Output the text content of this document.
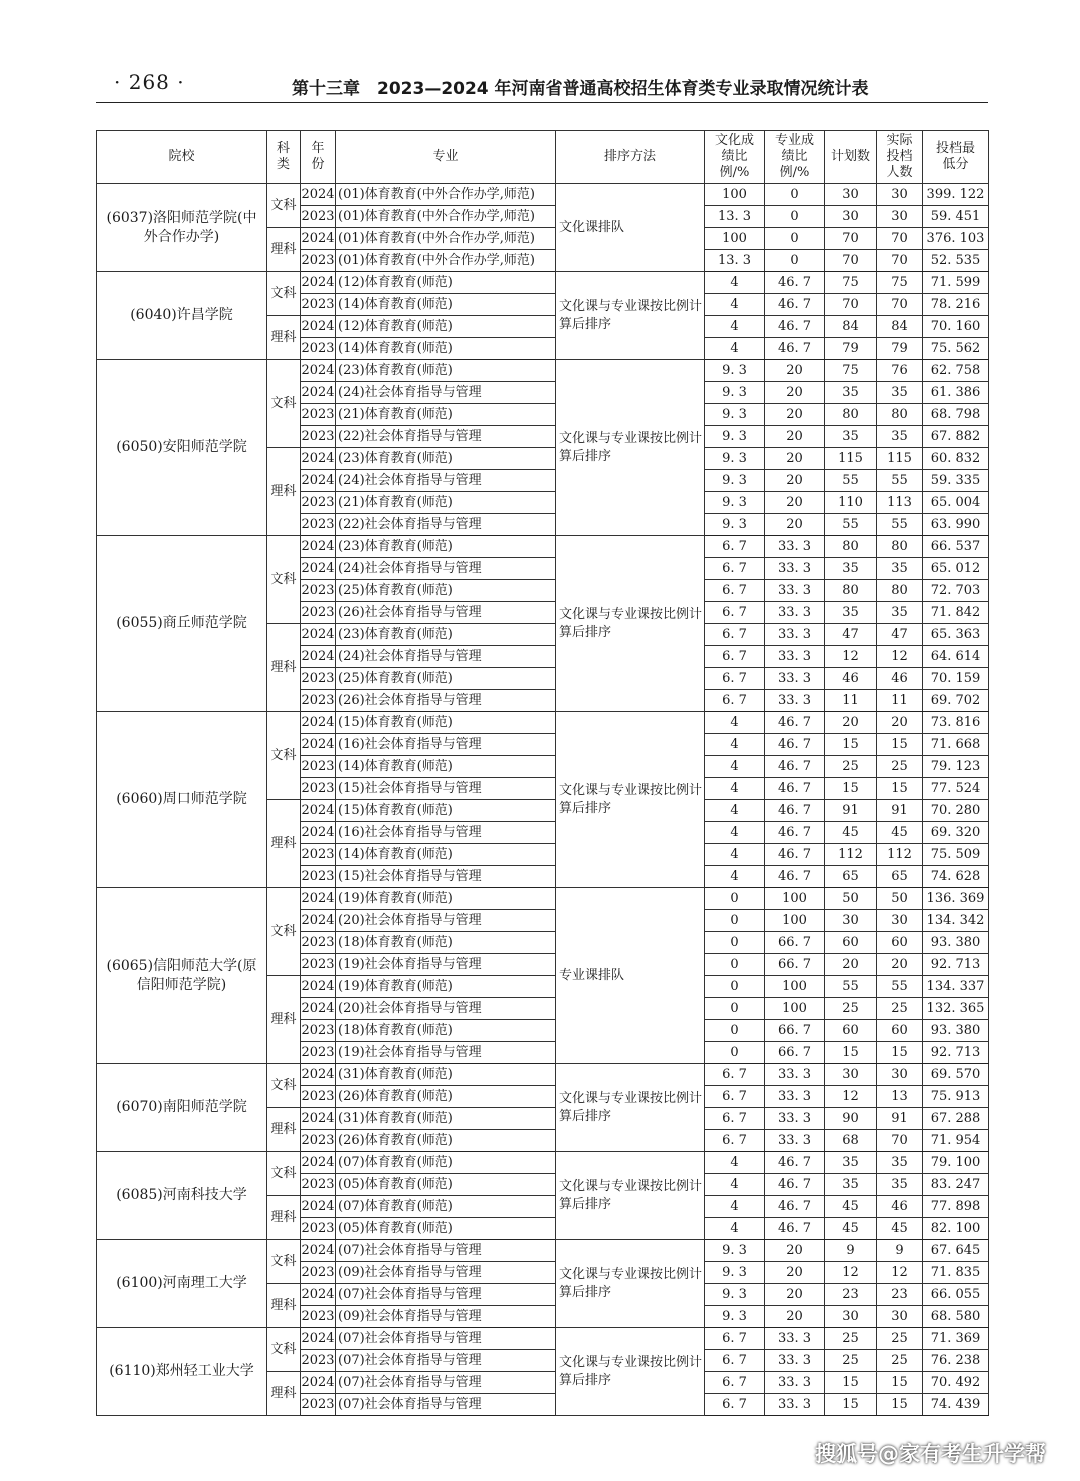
· 268 ·	第十三章　2023—2024 年河南省普通高校招生体育类专业录取情况统计表
院校	科类	年份	专业	排序方法	文化成绩比例/%	专业成绩比例/%	计划数	实际投档人数	投档最低分
(6037)洛阳师范学院(中外合作办学)	文科	2024	(01)体育教育(中外合作办学,师范)	文化课排队	100	0	30	30	399. 122
		2023	(01)体育教育(中外合作办学,师范)		13. 3	0	30	30	59. 451
	理科	2024	(01)体育教育(中外合作办学,师范)		100	0	70	70	376. 103
		2023	(01)体育教育(中外合作办学,师范)		13. 3	0	70	70	52. 535
(6040)许昌学院	文科	2024	(12)体育教育(师范)	文化课与专业课按比例计算后排序	4	46. 7	75	75	71. 599
		2023	(14)体育教育(师范)		4	46. 7	70	70	78. 216
	理科	2024	(12)体育教育(师范)		4	46. 7	84	84	70. 160
		2023	(14)体育教育(师范)		4	46. 7	79	79	75. 562
(6050)安阳师范学院	文科	2024	(23)体育教育(师范)	文化课与专业课按比例计算后排序	9. 3	20	75	76	62. 758
		2024	(24)社会体育指导与管理		9. 3	20	35	35	61. 386
		2023	(21)体育教育(师范)		9. 3	20	80	80	68. 798
		2023	(22)社会体育指导与管理		9. 3	20	35	35	67. 882
	理科	2024	(23)体育教育(师范)		9. 3	20	115	115	60. 832
		2024	(24)社会体育指导与管理		9. 3	20	55	55	59. 335
		2023	(21)体育教育(师范)		9. 3	20	110	113	65. 004
		2023	(22)社会体育指导与管理		9. 3	20	55	55	63. 990
(6055)商丘师范学院	文科	2024	(23)体育教育(师范)	文化课与专业课按比例计算后排序	6. 7	33. 3	80	80	66. 537
		2024	(24)社会体育指导与管理		6. 7	33. 3	35	35	65. 012
		2023	(25)体育教育(师范)		6. 7	33. 3	80	80	72. 703
		2023	(26)社会体育指导与管理		6. 7	33. 3	35	35	71. 842
	理科	2024	(23)体育教育(师范)		6. 7	33. 3	47	47	65. 363
		2024	(24)社会体育指导与管理		6. 7	33. 3	12	12	64. 614
		2023	(25)体育教育(师范)		6. 7	33. 3	46	46	70. 159
		2023	(26)社会体育指导与管理		6. 7	33. 3	11	11	69. 702
(6060)周口师范学院	文科	2024	(15)体育教育(师范)	文化课与专业课按比例计算后排序	4	46. 7	20	20	73. 816
		2024	(16)社会体育指导与管理		4	46. 7	15	15	71. 668
		2023	(14)体育教育(师范)		4	46. 7	25	25	79. 123
		2023	(15)社会体育指导与管理		4	46. 7	15	15	77. 524
	理科	2024	(15)体育教育(师范)		4	46. 7	91	91	70. 280
		2024	(16)社会体育指导与管理		4	46. 7	45	45	69. 320
		2023	(14)体育教育(师范)		4	46. 7	112	112	75. 509
		2023	(15)社会体育指导与管理		4	46. 7	65	65	74. 628
(6065)信阳师范大学(原信阳师范学院)	文科	2024	(19)体育教育(师范)	专业课排队	0	100	50	50	136. 369
		2024	(20)社会体育指导与管理		0	100	30	30	134. 342
		2023	(18)体育教育(师范)		0	66. 7	60	60	93. 380
		2023	(19)社会体育指导与管理		0	66. 7	20	20	92. 713
	理科	2024	(19)体育教育(师范)		0	100	55	55	134. 337
		2024	(20)社会体育指导与管理		0	100	25	25	132. 365
		2023	(18)体育教育(师范)		0	66. 7	60	60	93. 380
		2023	(19)社会体育指导与管理		0	66. 7	15	15	92. 713
(6070)南阳师范学院	文科	2024	(31)体育教育(师范)	文化课与专业课按比例计算后排序	6. 7	33. 3	30	30	69. 570
		2023	(26)体育教育(师范)		6. 7	33. 3	12	13	75. 913
	理科	2024	(31)体育教育(师范)		6. 7	33. 3	90	91	67. 288
		2023	(26)体育教育(师范)		6. 7	33. 3	68	70	71. 954
(6085)河南科技大学	文科	2024	(07)体育教育(师范)	文化课与专业课按比例计算后排序	4	46. 7	35	35	79. 100
		2023	(05)体育教育(师范)		4	46. 7	35	35	83. 247
	理科	2024	(07)体育教育(师范)		4	46. 7	45	46	77. 898
		2023	(05)体育教育(师范)		4	46. 7	45	45	82. 100
(6100)河南理工大学	文科	2024	(07)社会体育指导与管理	文化课与专业课按比例计算后排序	9. 3	20	9	9	67. 645
		2023	(09)社会体育指导与管理		9. 3	20	12	12	71. 835
	理科	2024	(07)社会体育指导与管理		9. 3	20	23	23	66. 055
		2023	(09)社会体育指导与管理		9. 3	20	30	30	68. 580
(6110)郑州轻工业大学	文科	2024	(07)社会体育指导与管理	文化课与专业课按比例计算后排序	6. 7	33. 3	25	25	71. 369
		2023	(07)社会体育指导与管理		6. 7	33. 3	25	25	76. 238
	理科	2024	(07)社会体育指导与管理		6. 7	33. 3	15	15	70. 492
		2023	(07)社会体育指导与管理		6. 7	33. 3	15	15	74. 439
搜狐号@家有考生升学帮
